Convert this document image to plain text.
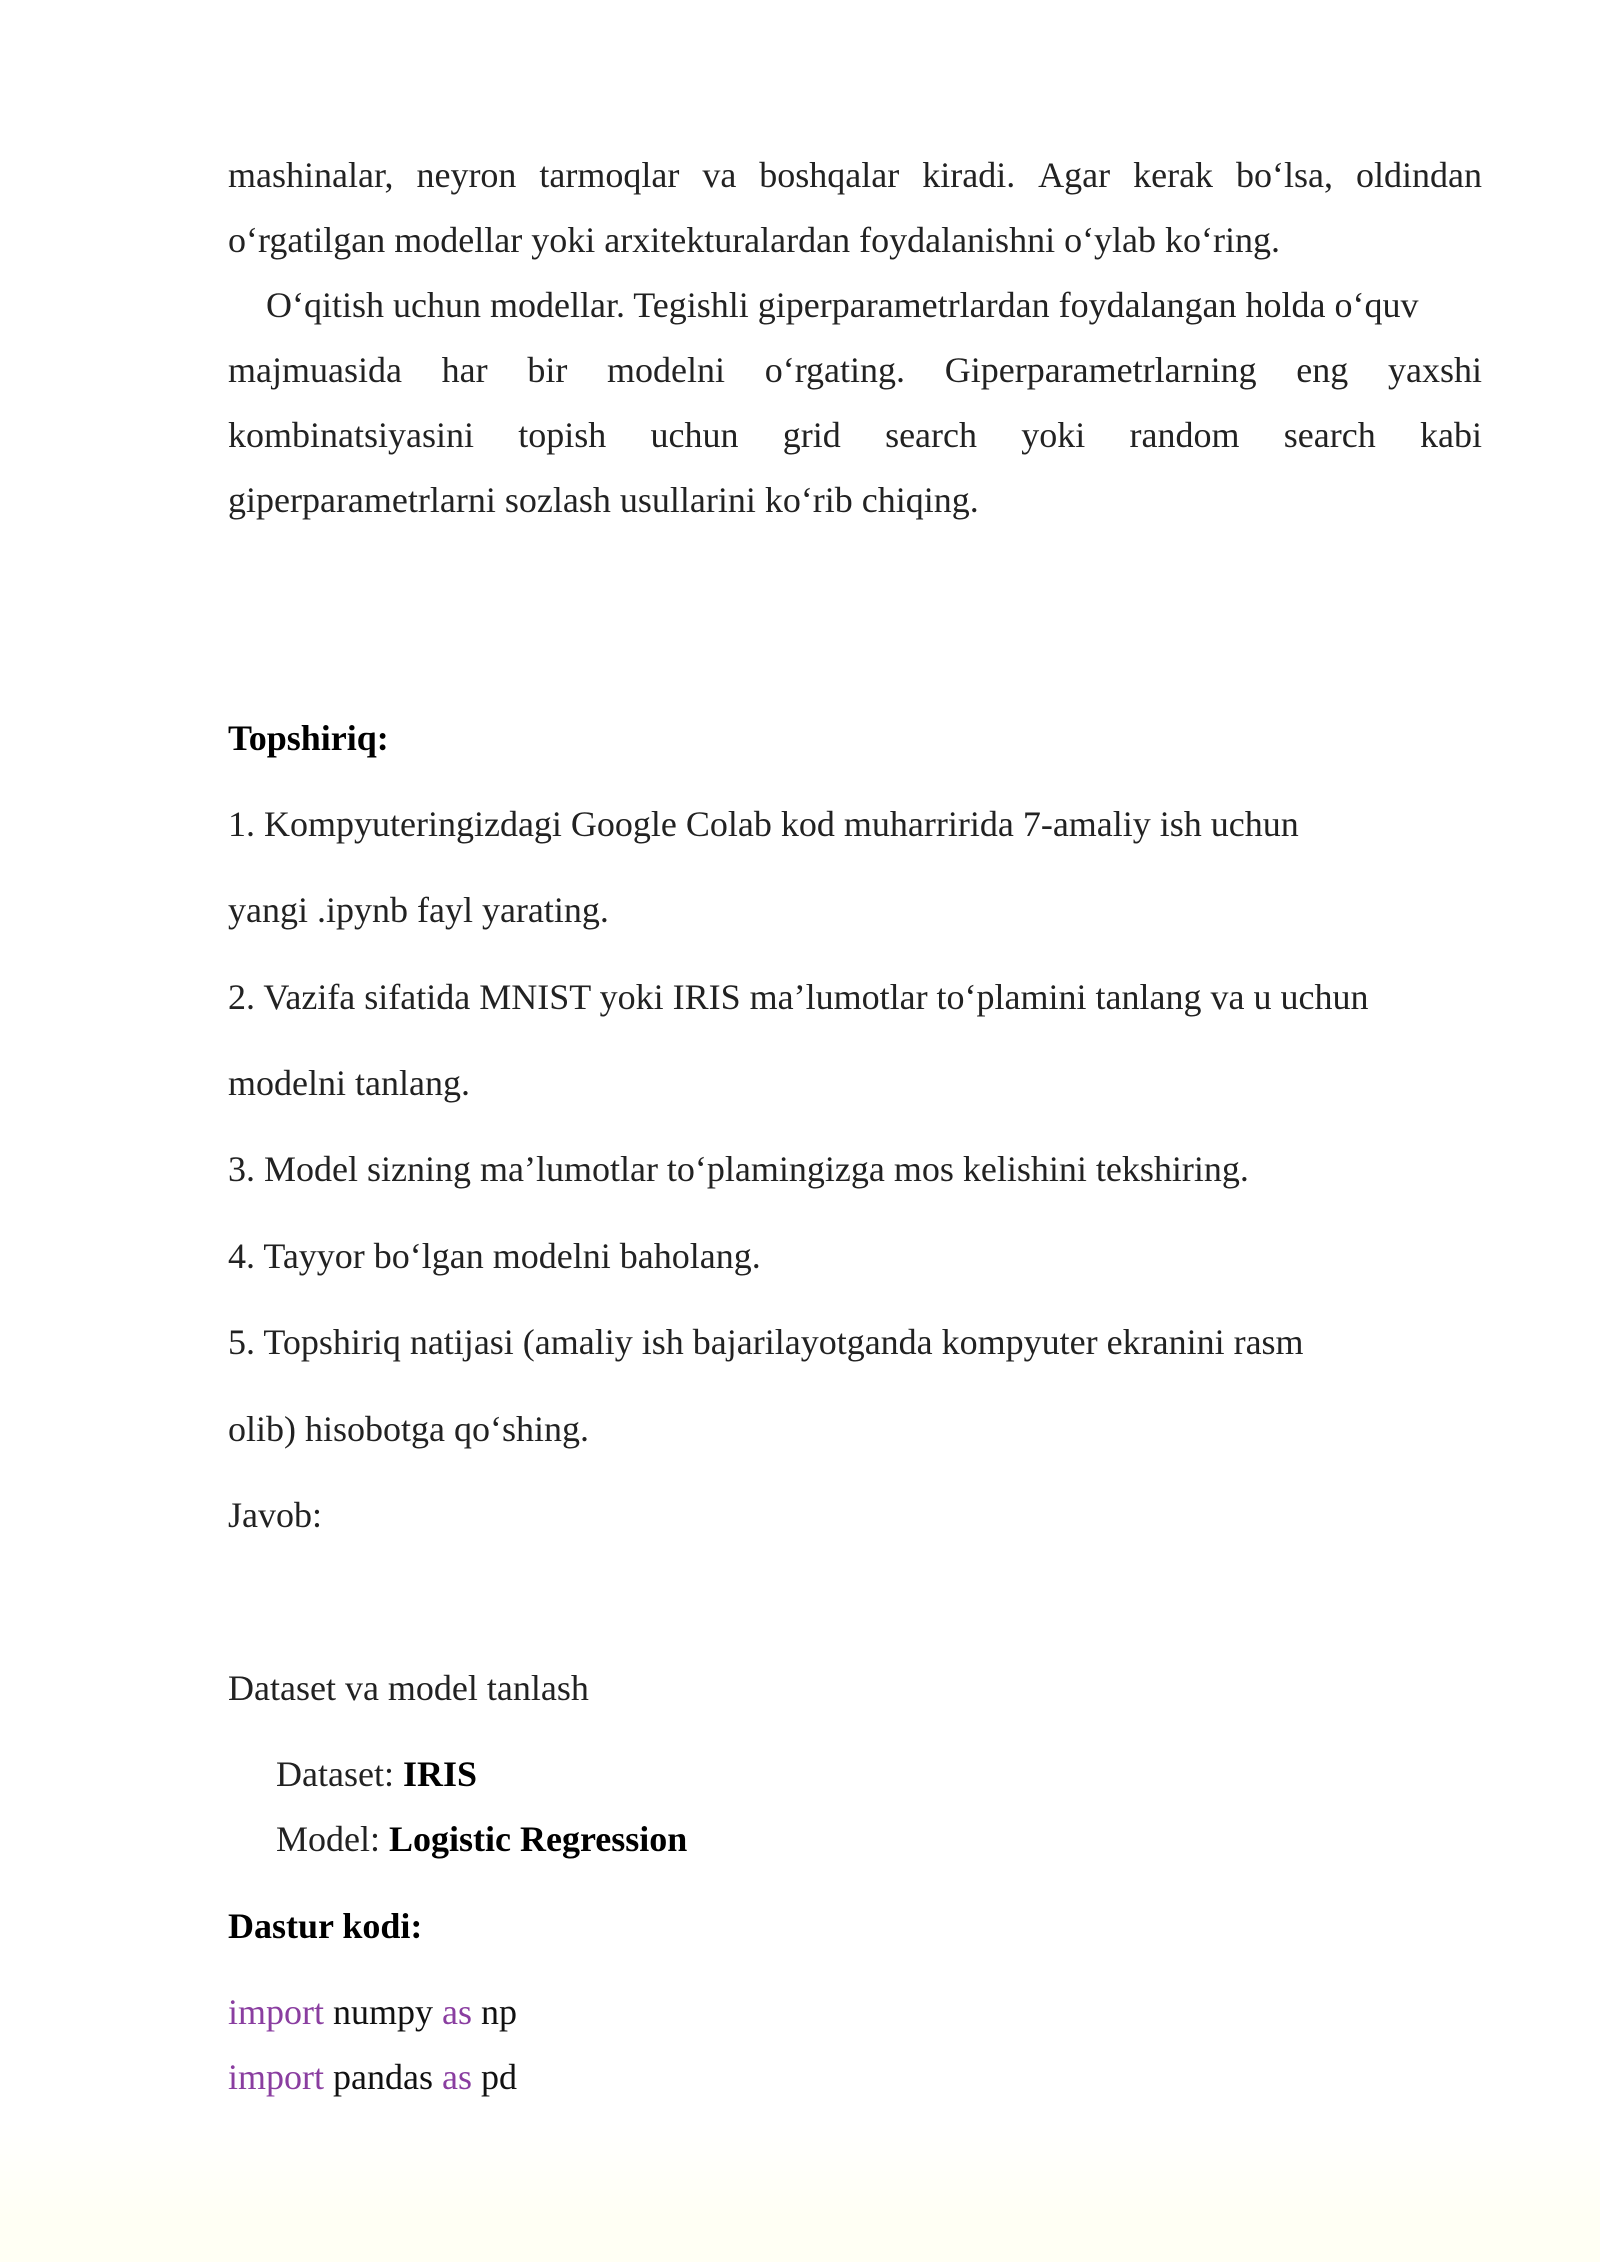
mashinalar, neyron tarmoqlar va boshqalar kiradi. Agar kerak bo‘lsa, oldindan
o‘rgatilgan modellar yoki arxitekturalardan foydalanishni o‘ylab ko‘ring.
O‘qitish uchun modellar. Tegishli giperparametrlardan foydalangan holda o‘quv
majmuasida har bir modelni o‘rgating. Giperparametrlarning eng yaxshi
kombinatsiyasini topish uchun grid search yoki random search kabi
giperparametrlarni sozlash usullarini ko‘rib chiqing.
Topshiriq:
1. Kompyuteringizdagi Google Colab kod muharririda 7-amaliy ish uchun
yangi .ipynb fayl yarating.
2. Vazifa sifatida MNIST yoki IRIS ma’lumotlar to‘plamini tanlang va u uchun
modelni tanlang.
3. Model sizning ma’lumotlar to‘plamingizga mos kelishini tekshiring.
4. Tayyor bo‘lgan modelni baholang.
5. Topshiriq natijasi (amaliy ish bajarilayotganda kompyuter ekranini rasm
olib) hisobotga qo‘shing.
Javob:
Dataset va model tanlash
Dataset: IRIS
Model: Logistic Regression
Dastur kodi:
import numpy as np
import pandas as pd
